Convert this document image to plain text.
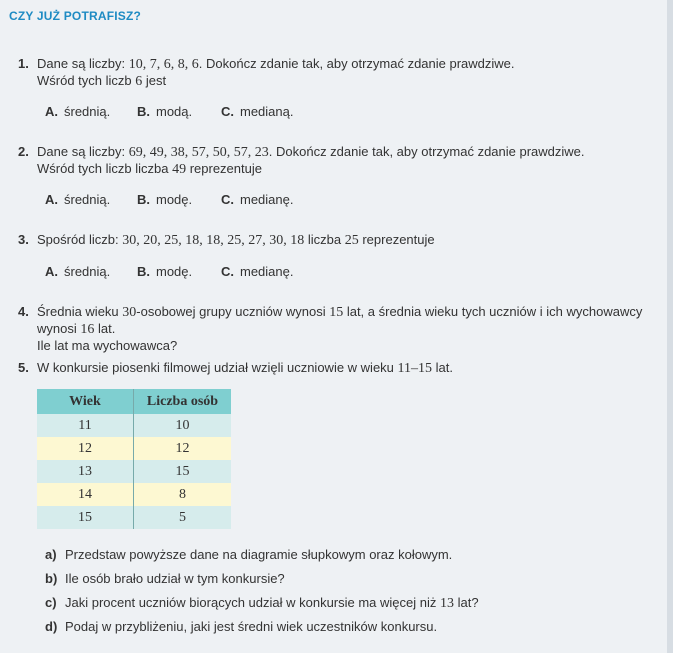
CZY JUŻ POTRAFISZ?
1. Dane są liczby: 10, 7, 6, 8, 6. Dokończ zdanie tak, aby otrzymać zdanie prawdziwe.
Wśród tych liczb 6 jest
A. średnią. B. modą. C. medianą.
2. Dane są liczby: 69, 49, 38, 57, 50, 57, 23. Dokończ zdanie tak, aby otrzymać zdanie prawdziwe.
Wśród tych liczb liczba 49 reprezentuje
A. średnią. B. modę. C. medianę.
3. Spośród liczb: 30, 20, 25, 18, 18, 25, 27, 30, 18 liczba 25 reprezentuje
A. średnią. B. modę. C. medianę.
4. Średnia wieku 30-osobowej grupy uczniów wynosi 15 lat, a średnia wieku tych uczniów i ich wychowawcy
wynosi 16 lat.
Ile lat ma wychowawca?
5. W konkursie piosenki filmowej udział wzięli uczniowie w wieku 11–15 lat.
Wiek	Liczba osób
11	10
12	12
13	15
14	8
15	5
a) Przedstaw powyższe dane na diagramie słupkowym oraz kołowym.
b) Ile osób brało udział w tym konkursie?
c) Jaki procent uczniów biorących udział w konkursie ma więcej niż 13 lat?
d) Podaj w przybliżeniu, jaki jest średni wiek uczestników konkursu.
